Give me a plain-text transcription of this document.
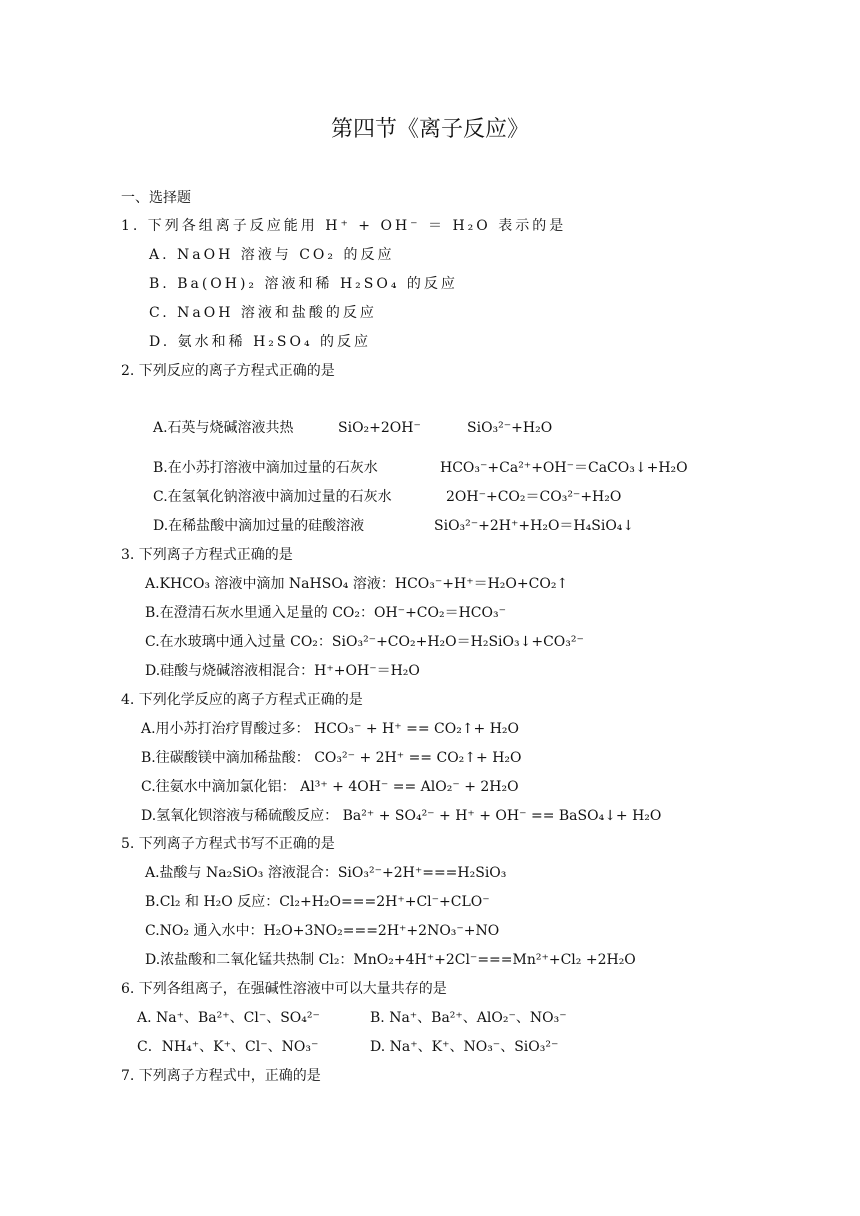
第四节《离子反应》
一、选择题
1. 下列各组离子反应能用 H⁺ + OH⁻ ＝ H₂O 表示的是
A. NaOH 溶液与 CO₂ 的反应
B. Ba(OH)₂ 溶液和稀 H₂SO₄ 的反应
C. NaOH 溶液和盐酸的反应
D. 氨水和稀 H₂SO₄ 的反应
2. 下列反应的离子方程式正确的是
A.石英与烧碱溶液共热	SiO₂+2OH⁻	SiO₃²⁻+H₂O
B.在小苏打溶液中滴加过量的石灰水	HCO₃⁻+Ca²⁺+OH⁻＝CaCO₃↓+H₂O
C.在氢氧化钠溶液中滴加过量的石灰水	2OH⁻+CO₂＝CO₃²⁻+H₂O
D.在稀盐酸中滴加过量的硅酸溶液	SiO₃²⁻+2H⁺+H₂O＝H₄SiO₄↓
3. 下列离子方程式正确的是
A.KHCO₃ 溶液中滴加 NaHSO₄ 溶液：HCO₃⁻+H⁺＝H₂O+CO₂↑
B.在澄清石灰水里通入足量的 CO₂：OH⁻+CO₂＝HCO₃⁻
C.在水玻璃中通入过量 CO₂：SiO₃²⁻+CO₂+H₂O＝H₂SiO₃↓+CO₃²⁻
D.硅酸与烧碱溶液相混合：H⁺+OH⁻＝H₂O
4. 下列化学反应的离子方程式正确的是
A.用小苏打治疗胃酸过多： HCO₃⁻ + H⁺ == CO₂↑+ H₂O
B.往碳酸镁中滴加稀盐酸： CO₃²⁻ + 2H⁺ == CO₂↑+ H₂O
C.往氨水中滴加氯化铝： Al³⁺ + 4OH⁻ == AlO₂⁻ + 2H₂O
D.氢氧化钡溶液与稀硫酸反应： Ba²⁺ + SO₄²⁻ + H⁺ + OH⁻ == BaSO₄↓+ H₂O
5. 下列离子方程式书写不正确的是
A.盐酸与 Na₂SiO₃ 溶液混合：SiO₃²⁻+2H⁺===H₂SiO₃
B.Cl₂ 和 H₂O 反应：Cl₂+H₂O===2H⁺+Cl⁻+CLO⁻
C.NO₂ 通入水中：H₂O+3NO₂===2H⁺+2NO₃⁻+NO
D.浓盐酸和二氧化锰共热制 Cl₂：MnO₂+4H⁺+2Cl⁻===Mn²⁺+Cl₂ +2H₂O
6. 下列各组离子，在强碱性溶液中可以大量共存的是
A. Na⁺、Ba²⁺、Cl⁻、SO₄²⁻	B. Na⁺、Ba²⁺、AlO₂⁻、NO₃⁻
C．NH₄⁺、K⁺、Cl⁻、NO₃⁻	D. Na⁺、K⁺、NO₃⁻、SiO₃²⁻
7. 下列离子方程式中，正确的是
